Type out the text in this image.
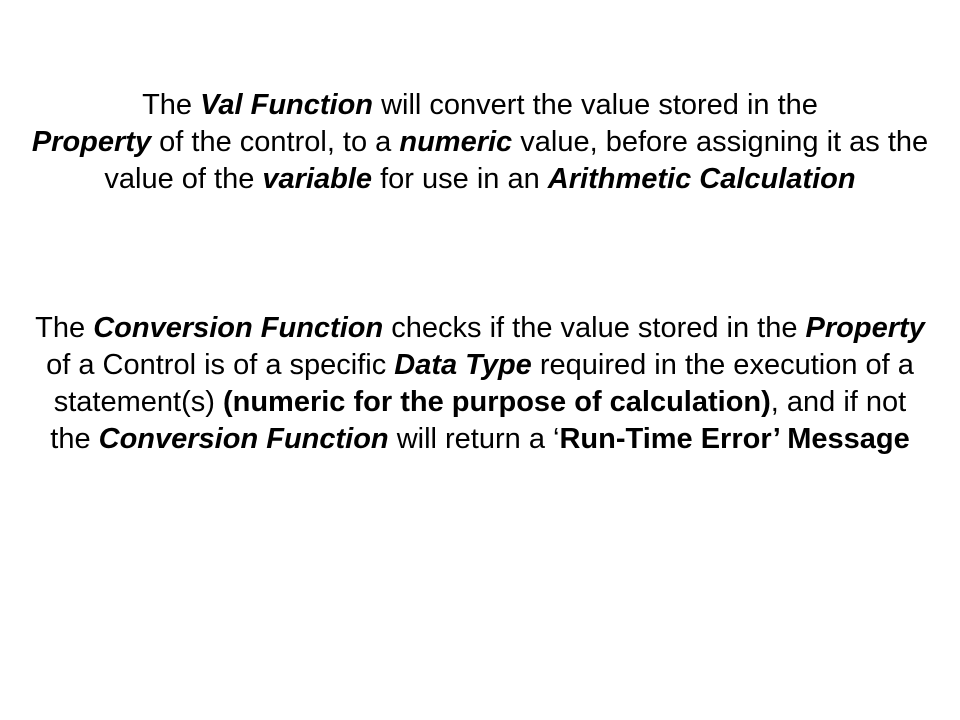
The Val Function will convert the value stored in the
Property of the control, to a numeric value, before assigning it as the value of the variable for use in an Arithmetic Calculation

The Conversion Function checks if the value stored in the Property of a Control is of a specific Data Type required in the execution of a statement(s) (numeric for the purpose of calculation), and if not the Conversion Function will return a ‘Run-Time Error’ Message
